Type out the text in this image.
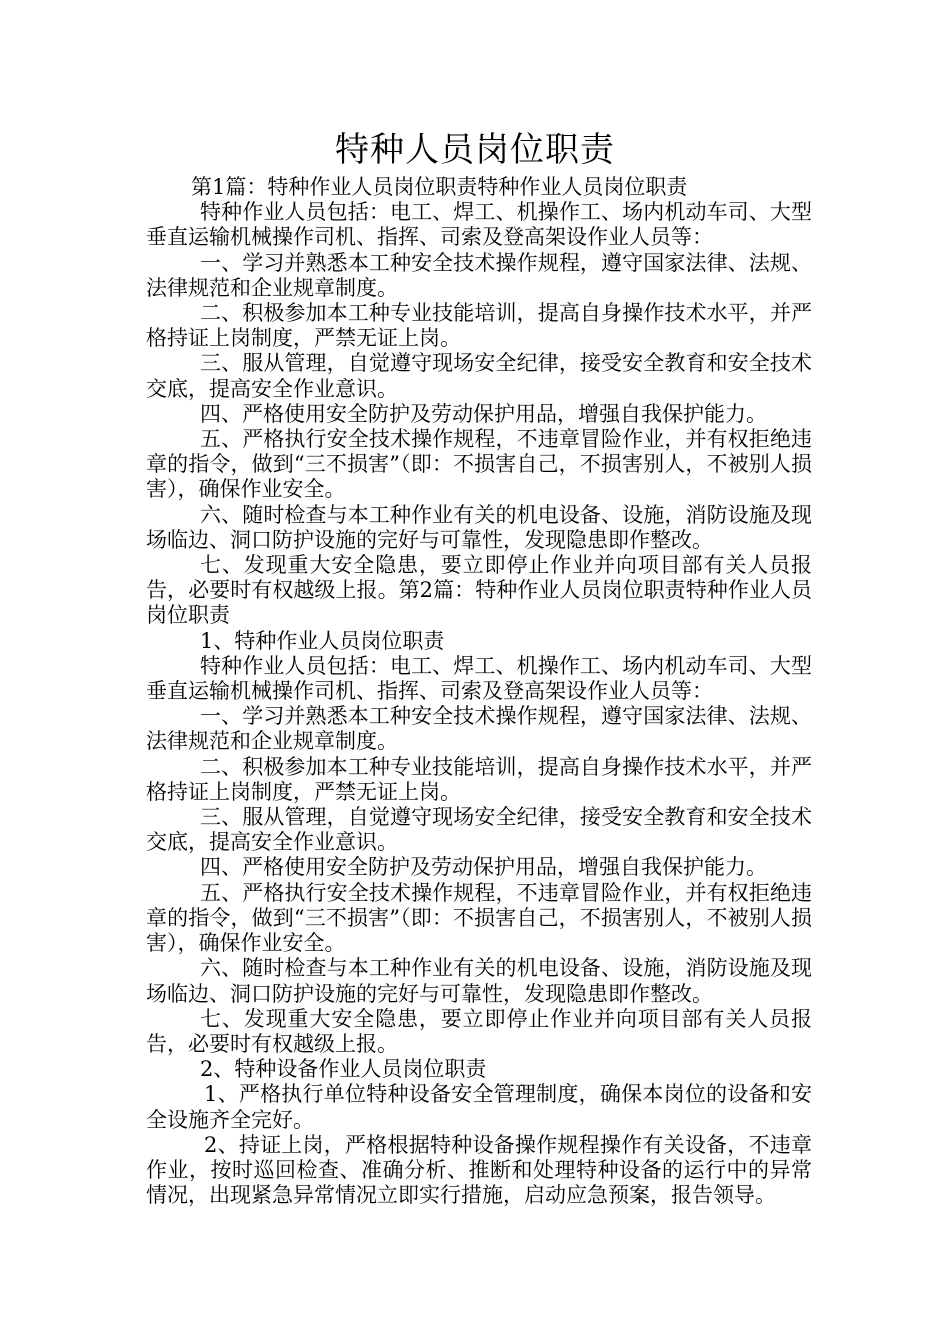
特种人员岗位职责

第1篇：特种作业人员岗位职责特种作业人员岗位职责

特种作业人员包括：电工、焊工、机操作工、场内机动车司、大型垂直运输机械操作司机、指挥、司索及登高架设作业人员等：

一、学习并熟悉本工种安全技术操作规程，遵守国家法律、法规、法律规范和企业规章制度。

二、积极参加本工种专业技能培训，提高自身操作技术水平，并严格持证上岗制度，严禁无证上岗。

三、服从管理，自觉遵守现场安全纪律，接受安全教育和安全技术交底，提高安全作业意识。

四、严格使用安全防护及劳动保护用品，增强自我保护能力。

五、严格执行安全技术操作规程，不违章冒险作业，并有权拒绝违章的指令，做到“三不损害”（即：不损害自己，不损害别人，不被别人损害），确保作业安全。

六、随时检查与本工种作业有关的机电设备、设施，消防设施及现场临边、洞口防护设施的完好与可靠性，发现隐患即作整改。

七、发现重大安全隐患，要立即停止作业并向项目部有关人员报告，必要时有权越级上报。第2篇：特种作业人员岗位职责特种作业人员岗位职责

1、特种作业人员岗位职责

特种作业人员包括：电工、焊工、机操作工、场内机动车司、大型垂直运输机械操作司机、指挥、司索及登高架设作业人员等：

一、学习并熟悉本工种安全技术操作规程，遵守国家法律、法规、法律规范和企业规章制度。

二、积极参加本工种专业技能培训，提高自身操作技术水平，并严格持证上岗制度，严禁无证上岗。

三、服从管理，自觉遵守现场安全纪律，接受安全教育和安全技术交底，提高安全作业意识。

四、严格使用安全防护及劳动保护用品，增强自我保护能力。

五、严格执行安全技术操作规程，不违章冒险作业，并有权拒绝违章的指令，做到“三不损害”（即：不损害自己，不损害别人，不被别人损害），确保作业安全。

六、随时检查与本工种作业有关的机电设备、设施，消防设施及现场临边、洞口防护设施的完好与可靠性，发现隐患即作整改。

七、发现重大安全隐患，要立即停止作业并向项目部有关人员报告，必要时有权越级上报。

2、特种设备作业人员岗位职责

1、严格执行单位特种设备安全管理制度，确保本岗位的设备和安全设施齐全完好。

2、持证上岗，严格根据特种设备操作规程操作有关设备，不违章作业，按时巡回检查、准确分析、推断和处理特种设备的运行中的异常情况，出现紧急异常情况立即实行措施，启动应急预案，报告领导。
